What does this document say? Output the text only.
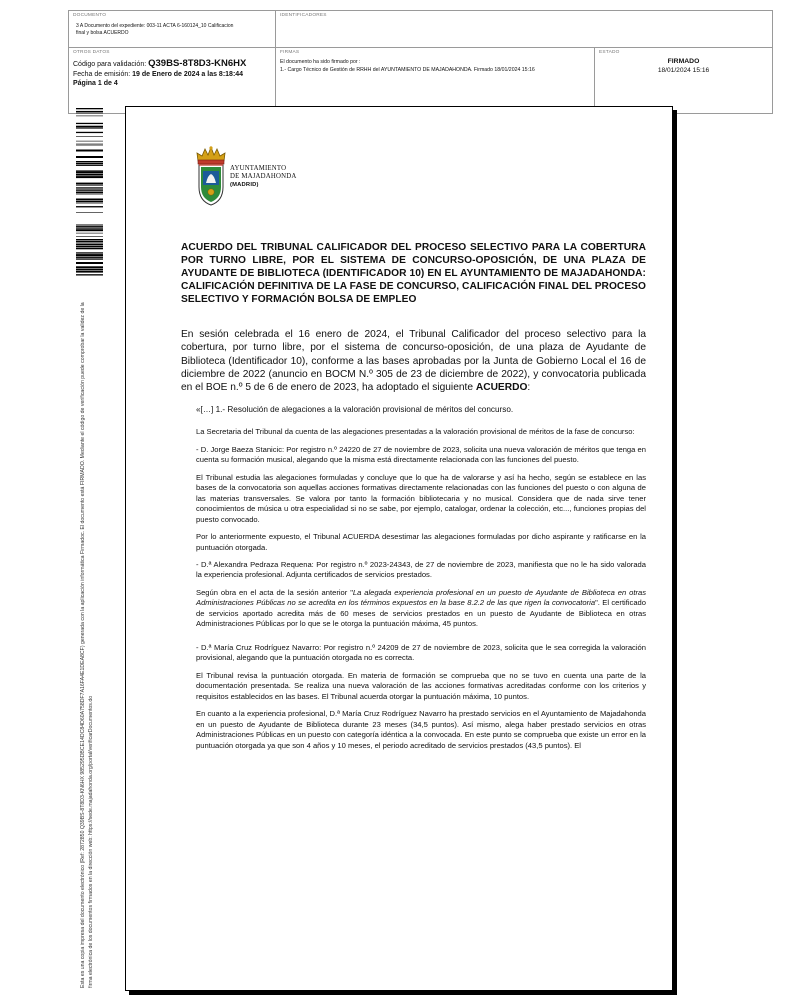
DOCUMENTO
3 A Documento del expediente: 003-11 ACTA 6-160124_10 Calificacion final y bolsa ACUERDO
IDENTIFICADORES
OTROS DATOS
Código para validación: Q39BS-8T8D3-KN6HX
Fecha de emisión: 19 de Enero de 2024 a las 8:18:44
Página 1 de 4
FIRMAS
El documento ha sido firmado por :
1.- Cargo Técnico de Gestión de RRHH del AYUNTAMIENTO DE MAJADAHONDA. Firmado 18/01/2024 15:16
ESTADO
FIRMADO
18/01/2024 15:16
Esta es una copia impresa del documento electrónico (Ref: 2872850 Q39BS-8T8D3-KN6HX 985295DBCE14DC84D60A758DF7A16FA4E1DEA8CF) generada con la aplicación informática Firmadoc. El documento está FIRMADO. Mediante el código de verificación puede comprobar la validez de la firma electrónica de los documentos firmados en la dirección web: https://sede.majadahonda.org/portal/verificarDocumentos.do
AYUNTAMIENTO
DE MAJADAHONDA
(MADRID)
ACUERDO DEL TRIBUNAL CALIFICADOR DEL PROCESO SELECTIVO PARA LA COBERTURA POR TURNO LIBRE, POR EL SISTEMA DE CONCURSO-OPOSICIÓN, DE UNA PLAZA DE AYUDANTE DE BIBLIOTECA (IDENTIFICADOR 10) EN EL AYUNTAMIENTO DE MAJADAHONDA: CALIFICACIÓN DEFINITIVA DE LA FASE DE CONCURSO, CALIFICACIÓN FINAL DEL PROCESO SELECTIVO Y FORMACIÓN BOLSA DE EMPLEO
En sesión celebrada el 16 enero de 2024, el Tribunal Calificador del proceso selectivo para la cobertura, por turno libre, por el sistema de concurso-oposición, de una plaza de Ayudante de Biblioteca (Identificador 10), conforme a las bases aprobadas por la Junta de Gobierno Local el 16 de diciembre de 2022 (anuncio en BOCM N.º 305 de 23 de diciembre de 2022), y convocatoria publicada en el BOE n.º 5 de 6 de enero de 2023, ha adoptado el siguiente ACUERDO:

«[…] 1.- Resolución de alegaciones a la valoración provisional de méritos del concurso.

La Secretaria del Tribunal da cuenta de las alegaciones presentadas a la valoración provisional de méritos de la fase de concurso:

- D. Jorge Baeza Stanicic: Por registro n.º 24220 de 27 de noviembre de 2023, solicita una nueva valoración de méritos que tenga en cuenta su formación musical, alegando que la misma está directamente relacionada con las funciones del puesto.

El Tribunal estudia las alegaciones formuladas y concluye que lo que ha de valorarse y así ha hecho, según se establece en las bases de la convocatoria son aquellas acciones formativas directamente relacionadas con las funciones del puesto o con alguna de las materias transversales. Se valora por tanto la formación bibliotecaria y no musical. Considera que de nada sirve tener conocimientos de música u otra especialidad si no se sabe, por ejemplo, catalogar, ordenar la colección, etc..., funciones propias del puesto convocado.

Por lo anteriormente expuesto, el Tribunal ACUERDA desestimar las alegaciones formuladas por dicho aspirante y ratificarse en la puntuación otorgada.

- D.ª Alexandra Pedraza Requena: Por registro n.º 2023-24343, de 27 de noviembre de 2023, manifiesta que no le ha sido valorada la experiencia profesional. Adjunta certificados de servicios prestados.

Según obra en el acta de la sesión anterior "La alegada experiencia profesional en un puesto de Ayudante de Biblioteca en otras Administraciones Públicas no se acredita en los términos expuestos en la base 8.2.2 de las que rigen la convocatoria". El certificado de servicios aportado acredita más de 60 meses de servicios prestados en un puesto de Ayudante de Biblioteca en otras Administraciones Públicas por lo que se le otorga la puntuación máxima, 45 puntos.

- D.ª María Cruz Rodríguez Navarro: Por registro n.º 24209 de 27 de noviembre de 2023, solicita que le sea corregida la valoración provisional, alegando que la puntuación otorgada no es correcta.

El Tribunal revisa la puntuación otorgada. En materia de formación se comprueba que no se tuvo en cuenta una parte de la documentación presentada. Se realiza una nueva valoración de las acciones formativas acreditadas conforme con los criterios y requisitos establecidos en las bases. El Tribunal acuerda otorgar la puntuación máxima, 10 puntos.

En cuanto a la experiencia profesional, D.ª María Cruz Rodríguez Navarro ha prestado servicios en el Ayuntamiento de Majadahonda en un puesto de Ayudante de Biblioteca durante 23 meses (34,5 puntos). Así mismo, alega haber prestado servicios en otras Administraciones Públicas en un puesto con categoría idéntica a la convocada. En este punto se comprueba que existe un error en la puntuación otorgada ya que son 4 años y 10 meses, el periodo acreditado de servicios prestados (43,5 puntos). El
